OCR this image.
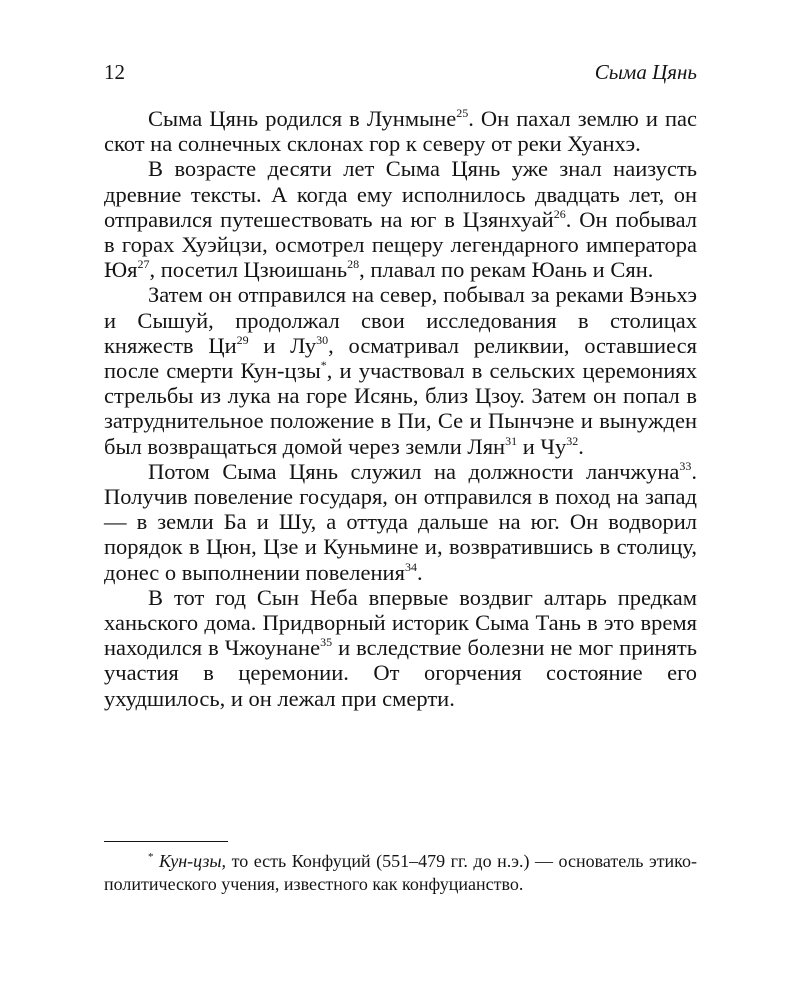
12	Сыма Цянь

Сыма Цянь родился в Лунмыне$^{25}$. Он пахал землю и пас скот на солнечных склонах гор к северу от реки Хуанхэ.

В возрасте десяти лет Сыма Цянь уже знал наизусть древние тексты. А когда ему исполнилось двадцать лет, он отправился путешествовать на юг в Цзянхуай$^{26}$. Он побывал в горах Хуэйцзи, осмотрел пещеру легендарного императора $Юя^{27}$, посетил Цзюишань$^{28}$, плавал по рекам Юань и Сян.

Затем он отправился на север, побывал за реками Вэньхэ и Сышуй, продолжал свои исследования в столицах княжеств $Ци^{29}$ и $Лу^{30}$, осматривал реликвии, оставшиеся после смерти Кун-цзы*, и участвовал в сельских церемониях стрельбы из лука на горе Исянь, близ Цзоу. Затем он попал в затруднительное положение в Пи, Се и Пынчэне и вынужден был возвращаться домой через земли Лян$^{31}$ и $Чу^{32}$.

Потом Сыма Цянь служил на должности ланчжуна$^{33}$. Получив повеление государя, он отправился в поход на запад — в земли Ба и Шу, а оттуда дальше на юг. Он водворил порядок в Цюн, Цзе и Куньмине и, возвратившись в столицу, донес о выполнении повеления$^{34}$.

В тот год Сын Неба впервые воздвиг алтарь предкам ханьского дома. Придворный историк Сыма Тань в это время находился в Чжоунане$^{35}$ и вследствие болезни не мог принять участия в церемонии. От огорчения состояние его ухудшилось, и он лежал при смерти.

* Кун-цзы, то есть Конфуций (551–479 гг. до н.э.) — основатель этико-политического учения, известного как конфуцианство.
